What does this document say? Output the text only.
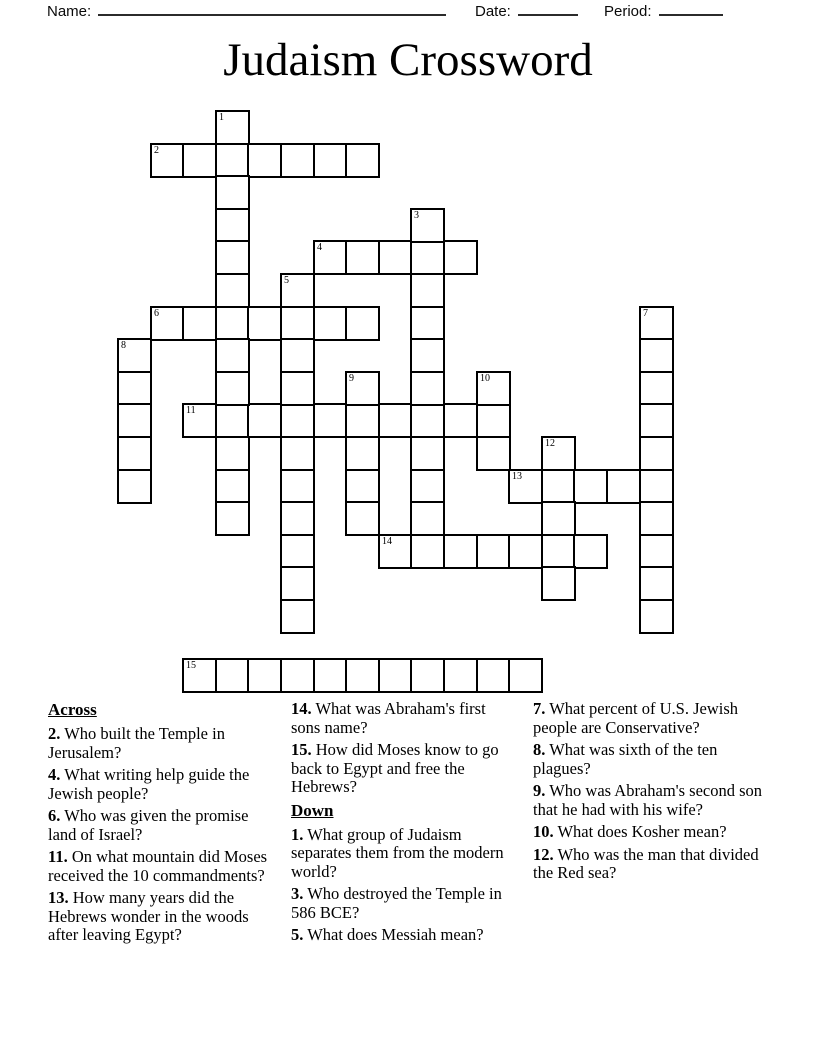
Name:	Date:	Period:
Judaism Crossword
2
4
6
11
13
14
15
1
3
5
7
8
9	10
12
Across

2. Who built the Temple in Jerusalem?

4. What writing help guide the Jewish people?

6. Who was given the promise land of Israel?

11. On what mountain did Moses received the 10 commandments?

13. How many years did the Hebrews wonder in the woods after leaving Egypt?

14. What was Abraham's first sons name?

15. How did Moses know to go back to Egypt and free the Hebrews?

Down

1. What group of Judaism separates them from the modern world?

3. Who destroyed the Temple in 586 BCE?

5. What does Messiah mean?

7. What percent of U.S. Jewish people are Conservative?

8. What was sixth of the ten plagues?

9. Who was Abraham's second son that he had with his wife?

10. What does Kosher mean?

12. Who was the man that divided the Red sea?
